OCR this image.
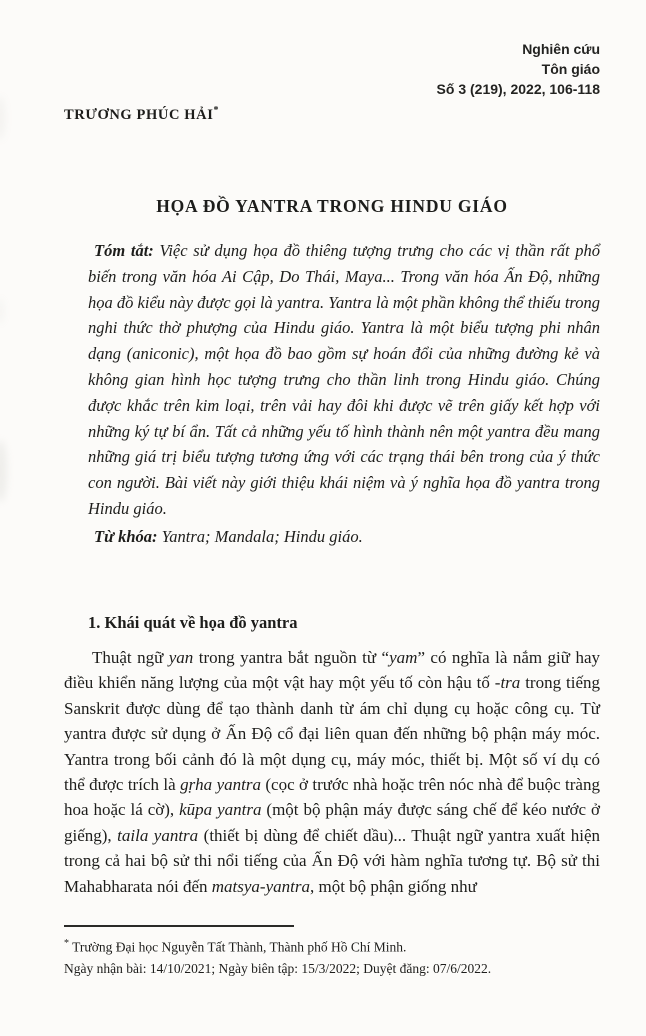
Nghiên cứu
Tôn giáo
Số 3 (219), 2022, 106-118
TRƯƠNG PHÚC HẢI*
HỌA ĐỒ YANTRA TRONG HINDU GIÁO

Tóm tắt: Việc sử dụng họa đồ thiêng tượng trưng cho các vị thần rất phổ biến trong văn hóa Ai Cập, Do Thái, Maya... Trong văn hóa Ấn Độ, những họa đồ kiểu này được gọi là yantra. Yantra là một phần không thể thiếu trong nghi thức thờ phượng của Hindu giáo. Yantra là một biểu tượng phi nhân dạng (aniconic), một họa đồ bao gồm sự hoán đổi của những đường kẻ và không gian hình học tượng trưng cho thần linh trong Hindu giáo. Chúng được khắc trên kim loại, trên vải hay đôi khi được vẽ trên giấy kết hợp với những ký tự bí ẩn. Tất cả những yếu tố hình thành nên một yantra đều mang những giá trị biểu tượng tương ứng với các trạng thái bên trong của ý thức con người. Bài viết này giới thiệu khái niệm và ý nghĩa họa đồ yantra trong Hindu giáo.

Từ khóa: Yantra; Mandala; Hindu giáo.

1. Khái quát về họa đồ yantra

Thuật ngữ yan trong yantra bắt nguồn từ “yam” có nghĩa là nắm giữ hay điều khiển năng lượng của một vật hay một yếu tố còn hậu tố -tra trong tiếng Sanskrit được dùng để tạo thành danh từ ám chỉ dụng cụ hoặc công cụ. Từ yantra được sử dụng ở Ấn Độ cổ đại liên quan đến những bộ phận máy móc. Yantra trong bối cảnh đó là một dụng cụ, máy móc, thiết bị. Một số ví dụ có thể được trích là gṛha yantra (cọc ở trước nhà hoặc trên nóc nhà để buộc tràng hoa hoặc lá cờ), kūpa yantra (một bộ phận máy được sáng chế để kéo nước ở giếng), taila yantra (thiết bị dùng để chiết dầu)... Thuật ngữ yantra xuất hiện trong cả hai bộ sử thi nổi tiếng của Ấn Độ với hàm nghĩa tương tự. Bộ sử thi Mahabharata nói đến matsya-yantra, một bộ phận giống như

* Trường Đại học Nguyễn Tất Thành, Thành phố Hồ Chí Minh.
Ngày nhận bài: 14/10/2021; Ngày biên tập: 15/3/2022; Duyệt đăng: 07/6/2022.
